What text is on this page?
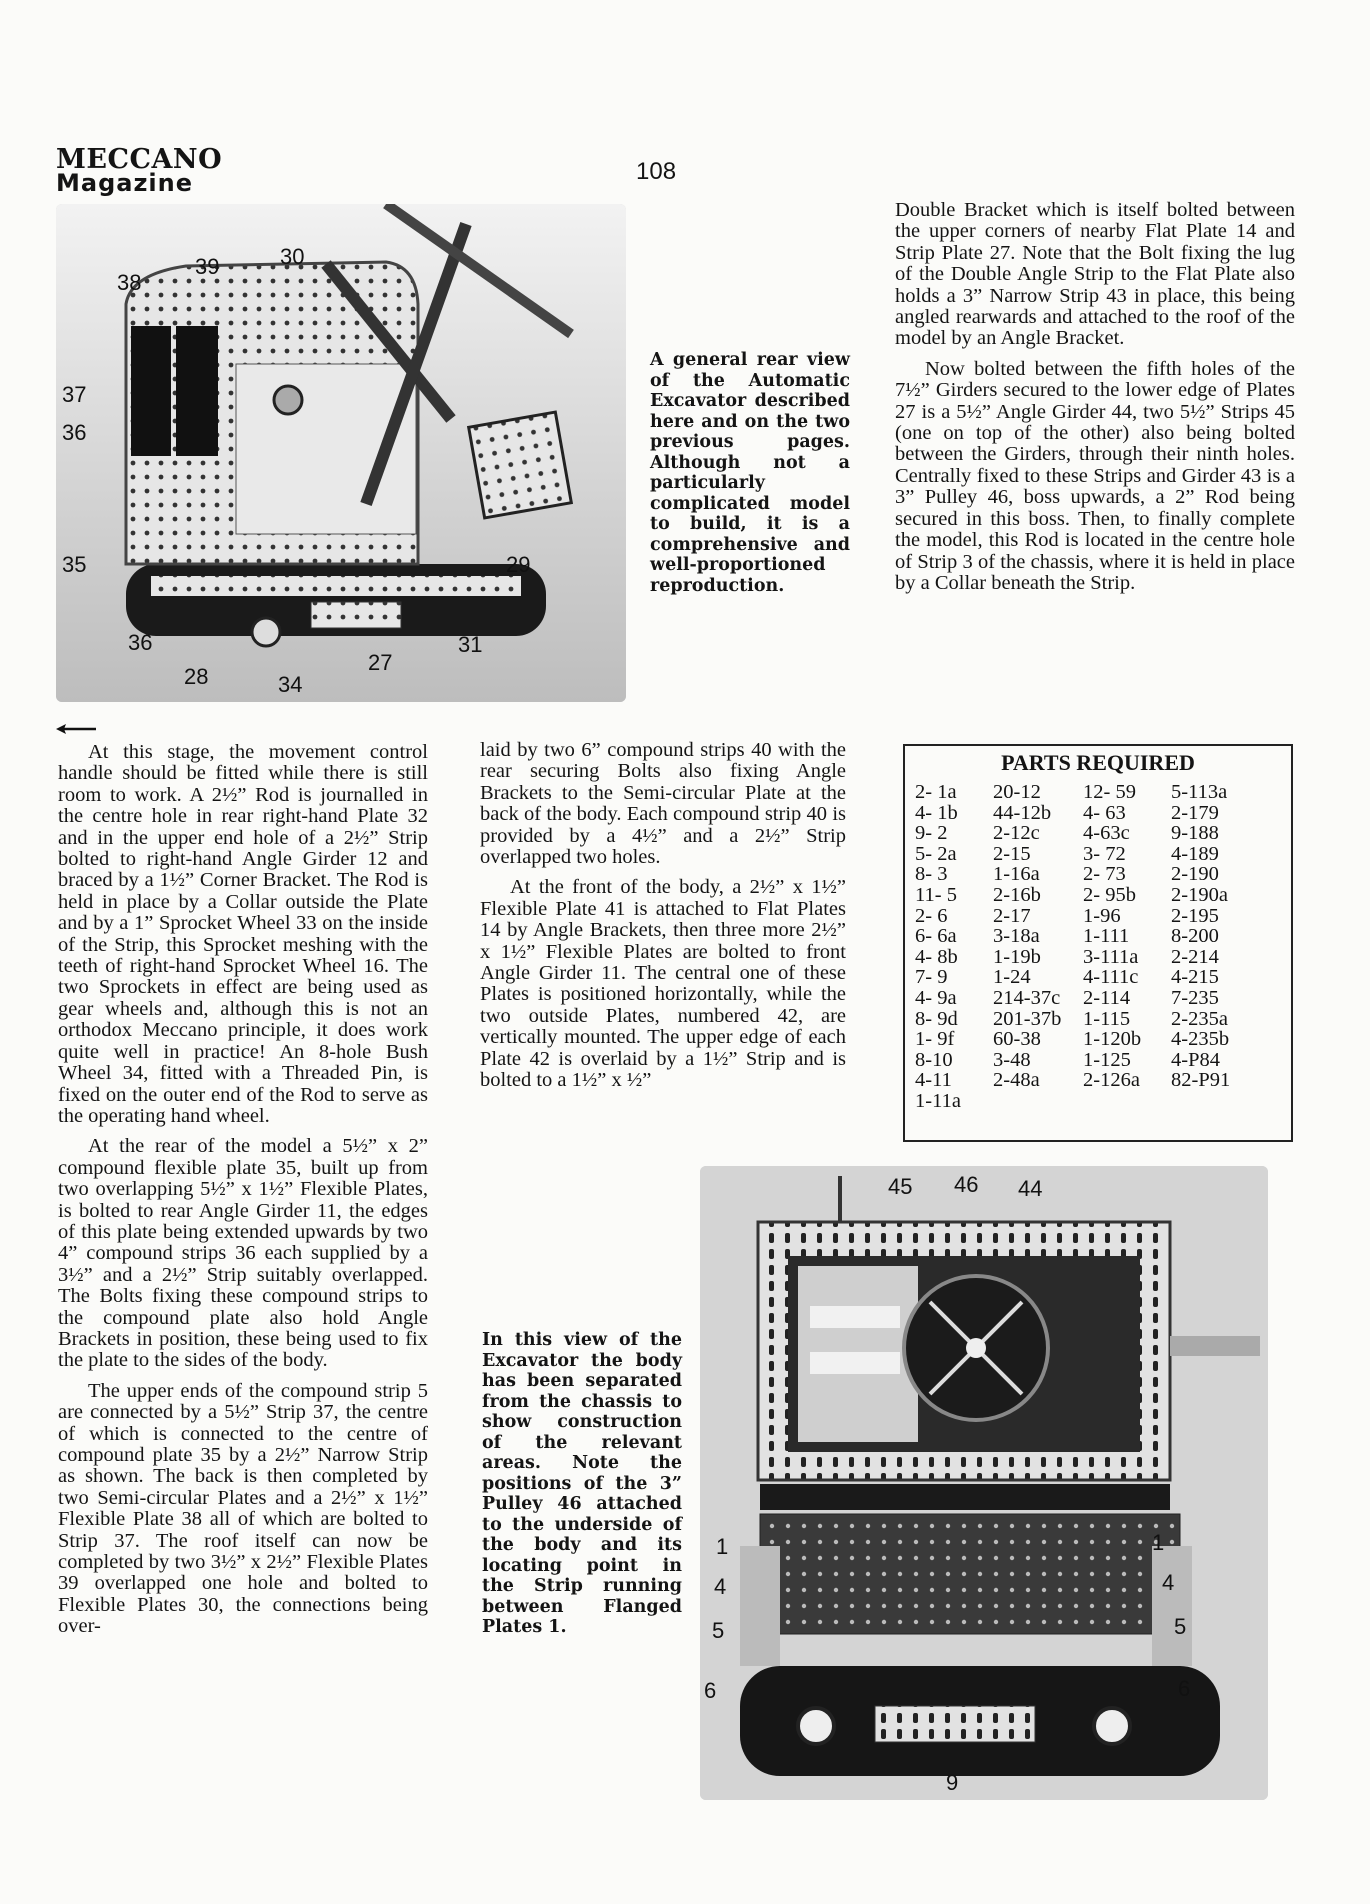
MECCANO
Magazine	108
38
39	30
37
36
35
36
28	34
27
31
29
A general rear view of the Automatic Excavator described here and on the two previous pages. Although not a particularly complicated model to build, it is a comprehensive and well-proportioned reproduction.

Double Bracket which is itself bolted between the upper corners of nearby Flat Plate 14 and Strip Plate 27. Note that the Bolt fixing the lug of the Double Angle Strip to the Flat Plate also holds a 3” Narrow Strip 43 in place, this being angled rearwards and attached to the roof of the model by an Angle Bracket.

Now bolted between the fifth holes of the 7½” Girders secured to the lower edge of Plates 27 is a 5½” Angle Girder 44, two 5½” Strips 45 (one on top of the other) also being bolted between the Girders, through their ninth holes. Centrally fixed to these Strips and Girder 43 is a 3” Pulley 46, boss upwards, a 2” Rod being secured in this boss. Then, to finally complete the model, this Rod is located in the centre hole of Strip 3 of the chassis, where it is held in place by a Collar beneath the Strip.

At this stage, the movement control handle should be fitted while there is still room to work. A 2½” Rod is journalled in the centre hole in rear right-hand Plate 32 and in the upper end hole of a 2½” Strip bolted to right-hand Angle Girder 12 and braced by a 1½” Corner Bracket. The Rod is held in place by a Collar outside the Plate and by a 1” Sprocket Wheel 33 on the inside of the Strip, this Sprocket meshing with the teeth of right-hand Sprocket Wheel 16. The two Sprockets in effect are being used as gear wheels and, although this is not an orthodox Meccano principle, it does work quite well in practice! An 8-hole Bush Wheel 34, fitted with a Threaded Pin, is fixed on the outer end of the Rod to serve as the operating hand wheel.

At the rear of the model a 5½” x 2” compound flexible plate 35, built up from two overlapping 5½” x 1½” Flexible Plates, is bolted to rear Angle Girder 11, the edges of this plate being extended upwards by two 4” compound strips 36 each supplied by a 3½” and a 2½” Strip suitably overlapped. The Bolts fixing these compound strips to the compound plate also hold Angle Brackets in position, these being used to fix the plate to the sides of the body.

The upper ends of the compound strip 5 are connected by a 5½” Strip 37, the centre of which is connected to the centre of compound plate 35 by a 2½” Narrow Strip as shown. The back is then completed by two Semi-circular Plates and a 2½” x 1½” Flexible Plate 38 all of which are bolted to Strip 37. The roof itself can now be completed by two 3½” x 2½” Flexible Plates 39 overlapped one hole and bolted to Flexible Plates 30, the connections being over-

laid by two 6” compound strips 40 with the rear securing Bolts also fixing Angle Brackets to the Semi-circular Plate at the back of the body. Each compound strip 40 is provided by a 4½” and a 2½” Strip overlapped two holes.

At the front of the body, a 2½” x 1½” Flexible Plate 41 is attached to Flat Plates 14 by Angle Brackets, then three more 2½” x 1½” Flexible Plates are bolted to front Angle Girder 11. The central one of these Plates is positioned horizontally, while the two outside Plates, numbered 42, are vertically mounted. The upper edge of each Plate 42 is overlaid by a 1½” Strip and is bolted to a 1½” x ½”

PARTS REQUIRED
2- 1a	20-12	12- 59	5-113a
4- 1b	44-12b	4- 63	2-179
9- 2	2-12c	4-63c	9-188
5- 2a	2-15	3- 72	4-189
8- 3	1-16a	2- 73	2-190
11- 5	2-16b	2- 95b	2-190a
2- 6	2-17	1-96	2-195
6- 6a	3-18a	1-111	8-200
4- 8b	1-19b	3-111a	2-214
7- 9	1-24	4-111c	4-215
4- 9a	214-37c	2-114	7-235
8- 9d	201-37b	1-115	2-235a
1- 9f	60-38	1-120b	4-235b
8-10	3-48	1-125	4-P84
4-11	2-48a	2-126a	82-P91
1-11a
In this view of the Excavator the body has been separated from the chassis to show construction of the relevant areas. Note the positions of the 3” Pulley 46 attached to the underside of the body and its locating point in the Strip running between Flanged Plates 1.
45 46 44
1	1
4	4
5	5
6	6
9
